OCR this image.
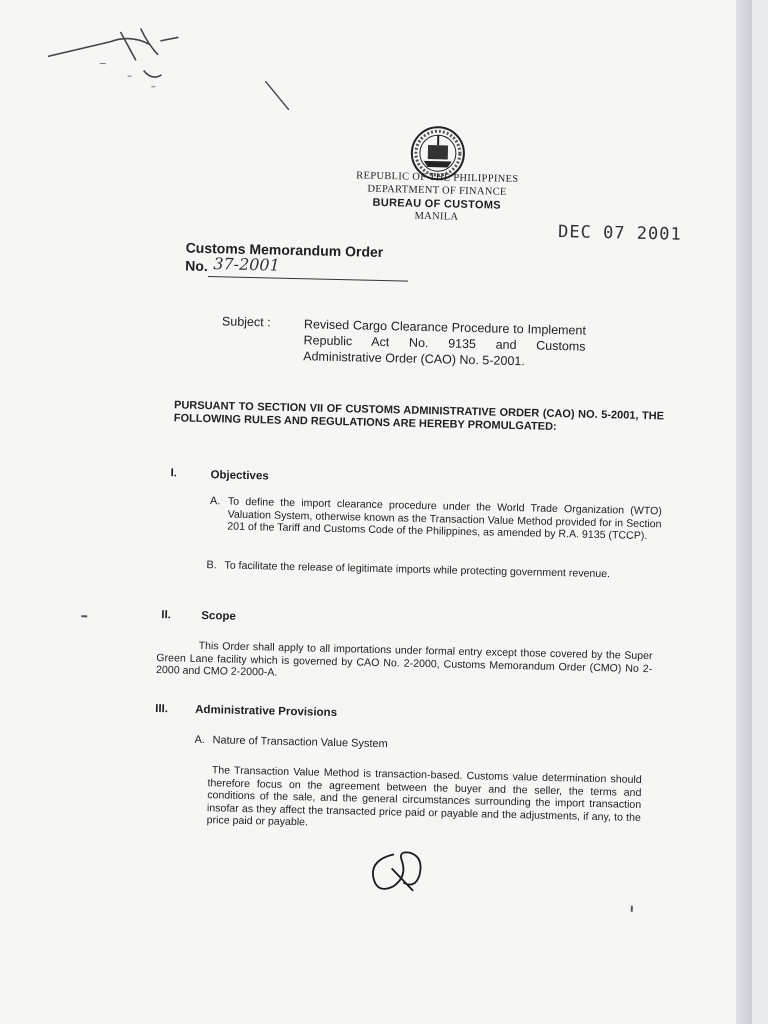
REPUBLIC OF THE PHILIPPINES
DEPARTMENT OF FINANCE
BUREAU OF CUSTOMS
MANILA
DEC 07 2001
Customs Memorandum Order
No. 37-2001
Subject :	Revised Cargo Clearance Procedure to Implement Republic Act No. 9135 and Customs Administrative Order (CAO) No. 5-2001.
PURSUANT TO SECTION VII OF CUSTOMS ADMINISTRATIVE ORDER (CAO) NO. 5-2001, THE FOLLOWING RULES AND REGULATIONS ARE HEREBY PROMULGATED:
I.	Objectives
A. To define the import clearance procedure under the World Trade Organization (WTO) Valuation System, otherwise known as the Transaction Value Method provided for in Section 201 of the Tariff and Customs Code of the Philippines, as amended by R.A. 9135 (TCCP).
B. To facilitate the release of legitimate imports while protecting government revenue.
II.	Scope
This Order shall apply to all importations under formal entry except those covered by the Super Green Lane facility which is governed by CAO No. 2-2000, Customs Memorandum Order (CMO) No 2-2000 and CMO 2-2000-A.
III. Administrative Provisions
A. Nature of Transaction Value System
The Transaction Value Method is transaction-based. Customs value determination should therefore focus on the agreement between the buyer and the seller, the terms and conditions of the sale, and the general circumstances surrounding the import transaction insofar as they affect the transacted price paid or payable and the adjustments, if any, to the price paid or payable.
